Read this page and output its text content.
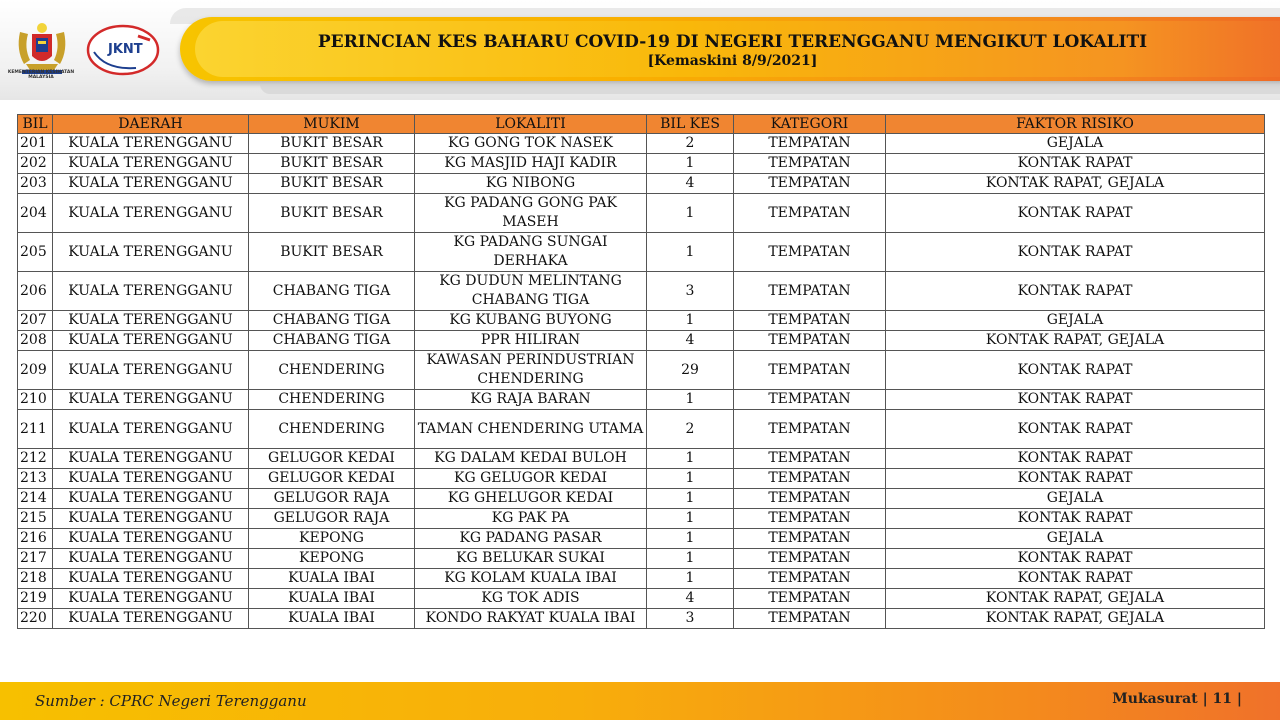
PERINCIAN KES BAHARU COVID-19 DI NEGERI TERENGGANU MENGIKUT LOKALITI
[Kemaskini 8/9/2021]
KEMENTERIAN KESIHATAN MALAYSIA
JKNT
BIL	DAERAH	MUKIM	LOKALITI	BIL KES	KATEGORI	FAKTOR RISIKO
201	KUALA TERENGGANU	BUKIT BESAR	KG GONG TOK NASEK	2	TEMPATAN	GEJALA
202	KUALA TERENGGANU	BUKIT BESAR	KG MASJID HAJI KADIR	1	TEMPATAN	KONTAK RAPAT
203	KUALA TERENGGANU	BUKIT BESAR	KG NIBONG	4	TEMPATAN	KONTAK RAPAT, GEJALA
204	KUALA TERENGGANU	BUKIT BESAR	KG PADANG GONG PAK MASEH	1	TEMPATAN	KONTAK RAPAT
205	KUALA TERENGGANU	BUKIT BESAR	KG PADANG SUNGAI DERHAKA	1	TEMPATAN	KONTAK RAPAT
206	KUALA TERENGGANU	CHABANG TIGA	KG DUDUN MELINTANG CHABANG TIGA	3	TEMPATAN	KONTAK RAPAT
207	KUALA TERENGGANU	CHABANG TIGA	KG KUBANG BUYONG	1	TEMPATAN	GEJALA
208	KUALA TERENGGANU	CHABANG TIGA	PPR HILIRAN	4	TEMPATAN	KONTAK RAPAT, GEJALA
209	KUALA TERENGGANU	CHENDERING	KAWASAN PERINDUSTRIAN CHENDERING	29	TEMPATAN	KONTAK RAPAT
210	KUALA TERENGGANU	CHENDERING	KG RAJA BARAN	1	TEMPATAN	KONTAK RAPAT
211	KUALA TERENGGANU	CHENDERING	TAMAN CHENDERING UTAMA	2	TEMPATAN	KONTAK RAPAT
212	KUALA TERENGGANU	GELUGOR KEDAI	KG DALAM KEDAI BULOH	1	TEMPATAN	KONTAK RAPAT
213	KUALA TERENGGANU	GELUGOR KEDAI	KG GELUGOR KEDAI	1	TEMPATAN	KONTAK RAPAT
214	KUALA TERENGGANU	GELUGOR RAJA	KG GHELUGOR KEDAI	1	TEMPATAN	GEJALA
215	KUALA TERENGGANU	GELUGOR RAJA	KG PAK PA	1	TEMPATAN	KONTAK RAPAT
216	KUALA TERENGGANU	KEPONG	KG PADANG PASAR	1	TEMPATAN	GEJALA
217	KUALA TERENGGANU	KEPONG	KG BELUKAR SUKAI	1	TEMPATAN	KONTAK RAPAT
218	KUALA TERENGGANU	KUALA IBAI	KG KOLAM KUALA IBAI	1	TEMPATAN	KONTAK RAPAT
219	KUALA TERENGGANU	KUALA IBAI	KG TOK ADIS	4	TEMPATAN	KONTAK RAPAT, GEJALA
220	KUALA TERENGGANU	KUALA IBAI	KONDO RAKYAT KUALA IBAI	3	TEMPATAN	KONTAK RAPAT, GEJALA
Sumber : CPRC Negeri Terengganu	Mukasurat | 11 |
